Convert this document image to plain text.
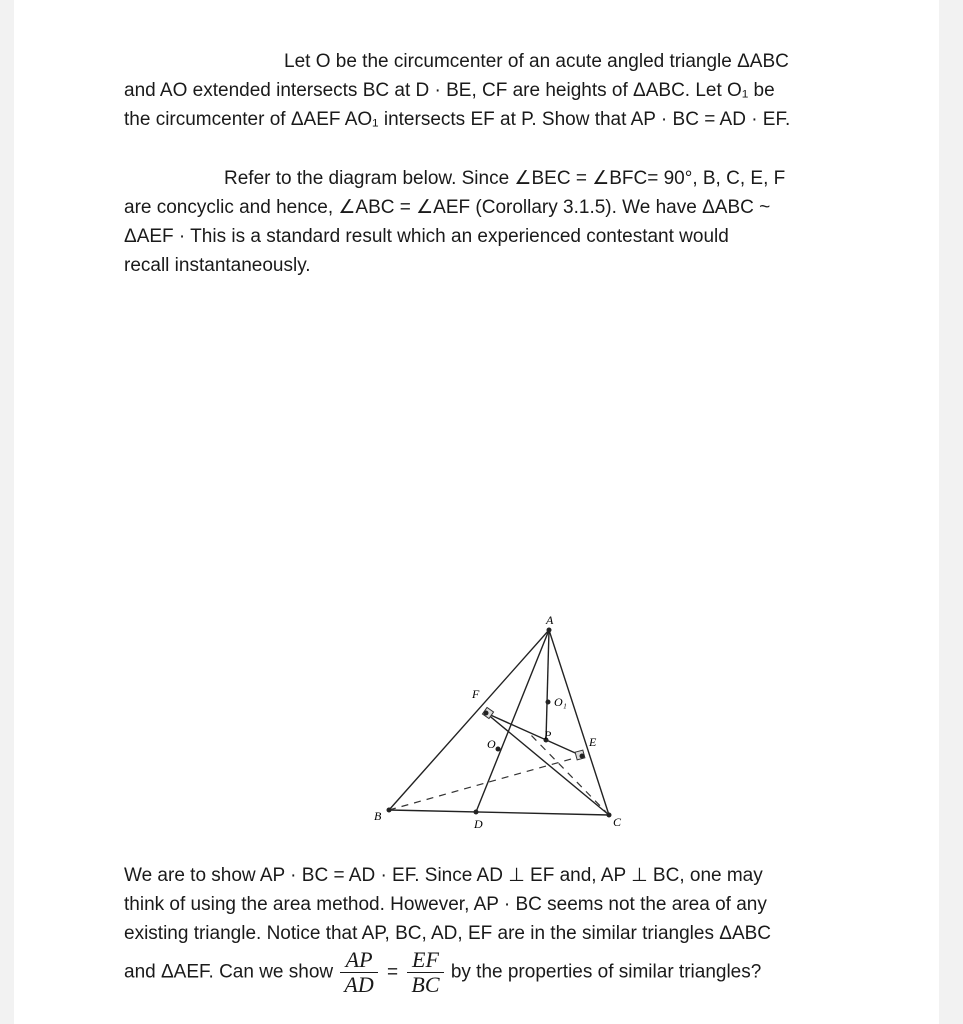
Let O be the circumcenter of an acute angled triangle ΔABC
and AO extended intersects BC at D · BE, CF are heights of ΔABC. Let O₁ be
the circumcenter of ΔAEF AO₁ intersects EF at P. Show that AP · BC = AD · EF.
Refer to the diagram below. Since ∠BEC = ∠BFC= 90°, B, C, E, F
are concyclic and hence, ∠ABC = ∠AEF (Corollary 3.1.5). We have ΔABC ~
ΔAEF · This is a standard result which an experienced contestant would
recall instantaneously.
A
B	C
D
E
F
O
O₁
P
We are to show AP · BC = AD · EF. Since AD ⊥ EF and, AP ⊥ BC, one may
think of using the area method. However, AP · BC seems not the area of any
existing triangle. Notice that AP, BC, AD, EF are in the similar triangles ΔABC
and ΔAEF. Can we show $\frac{AP}{AD} = \frac{EF}{BC}$ by the properties of similar triangles?
